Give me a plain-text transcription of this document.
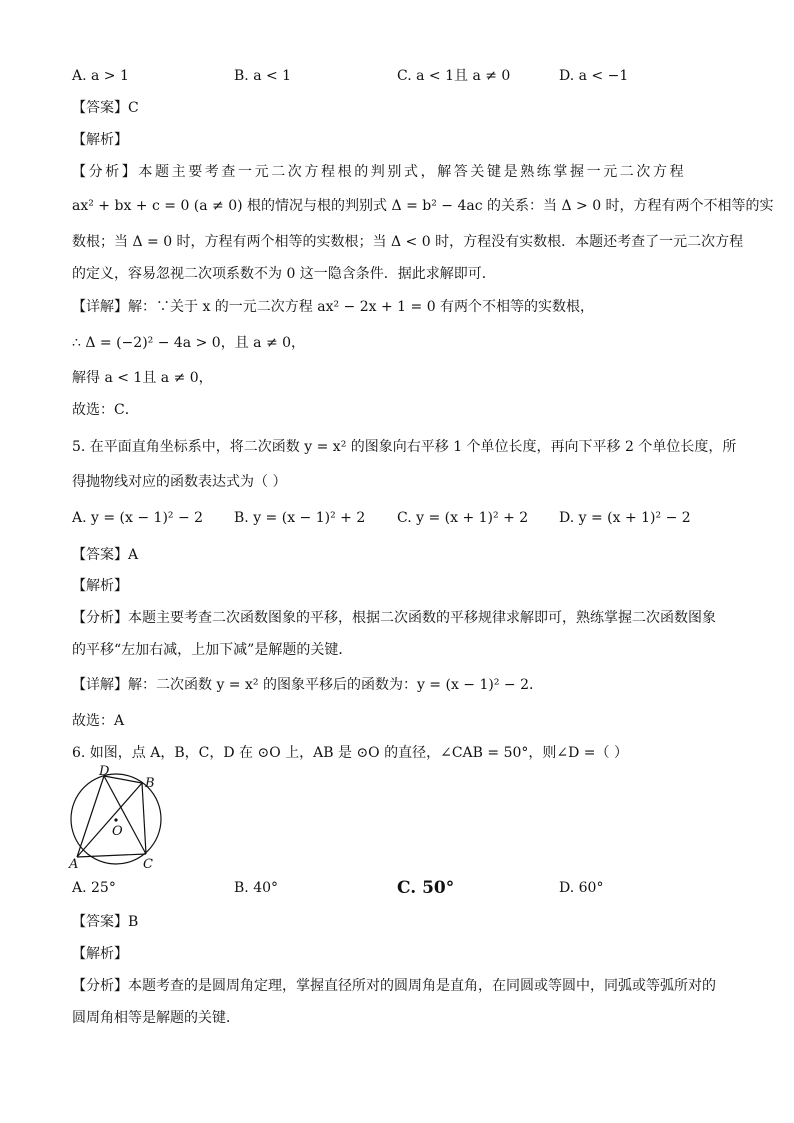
A. a > 1	B. a < 1	C. a < 1且 a ≠ 0	D. a < −1
【答案】C
【解析】
【分析】本题主要考查一元二次方程根的判别式，解答关键是熟练掌握一元二次方程
ax² + bx + c = 0 (a ≠ 0) 根的情况与根的判别式 Δ = b² − 4ac 的关系：当 Δ > 0 时，方程有两个不相等的实
数根；当 Δ = 0 时，方程有两个相等的实数根；当 Δ < 0 时，方程没有实数根．本题还考查了一元二次方程
的定义，容易忽视二次项系数不为 0 这一隐含条件．据此求解即可．
【详解】解：∵关于 x 的一元二次方程 ax² − 2x + 1 = 0 有两个不相等的实数根，
∴ Δ = (−2)² − 4a > 0，且 a ≠ 0，
解得 a < 1且 a ≠ 0，
故选：C．
5. 在平面直角坐标系中，将二次函数 y = x² 的图象向右平移 1 个单位长度，再向下平移 2 个单位长度，所
得抛物线对应的函数表达式为（ ）
A. y = (x − 1)² − 2 B. y = (x − 1)² + 2 C. y = (x + 1)² + 2 D. y = (x + 1)² − 2
【答案】A
【解析】
【分析】本题主要考查二次函数图象的平移，根据二次函数的平移规律求解即可，熟练掌握二次函数图象
的平移“左加右减，上加下减”是解题的关键．
【详解】解：二次函数 y = x² 的图象平移后的函数为：y = (x − 1)² − 2．
故选：A
6. 如图，点 A，B，C，D 在 ⊙O 上，AB 是 ⊙O 的直径，∠CAB = 50°，则∠D =（ ）
D
B
O
A	C
A. 25°	B. 40°	C. 50°	D. 60°
【答案】B
【解析】
【分析】本题考查的是圆周角定理，掌握直径所对的圆周角是直角，在同圆或等圆中，同弧或等弧所对的
圆周角相等是解题的关键．
